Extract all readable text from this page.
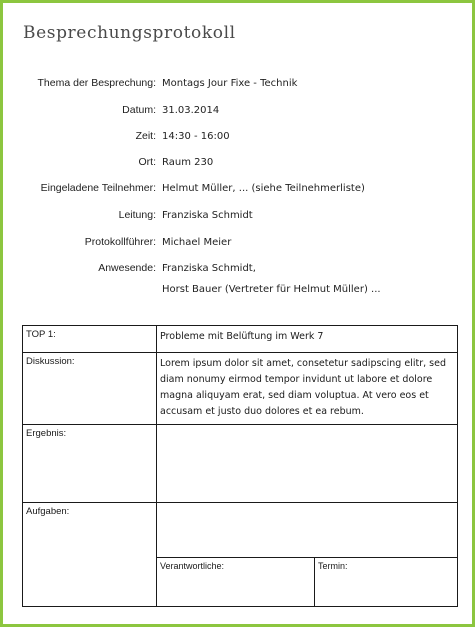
Besprechungsprotokoll
Thema der Besprechung: Montags Jour Fixe - Technik
Datum: 31.03.2014
Zeit: 14:30 - 16:00
Ort: Raum 230
Eingeladene Teilnehmer: Helmut Müller, ... (siehe Teilnehmerliste)
Leitung: Franziska Schmidt
Protokollführer: Michael Meier
Anwesende: Franziska Schmidt,
Horst Bauer (Vertreter für Helmut Müller) ...
TOP 1:	Probleme mit Belüftung im Werk 7
Diskussion:	Lorem ipsum dolor sit amet, consetetur sadipscing elitr, sed diam nonumy eirmod tempor invidunt ut labore et dolore magna aliquyam erat, sed diam voluptua. At vero eos et accusam et justo duo dolores et ea rebum.
Ergebnis:	
Aufgaben:	Verantwortliche: Termin:
